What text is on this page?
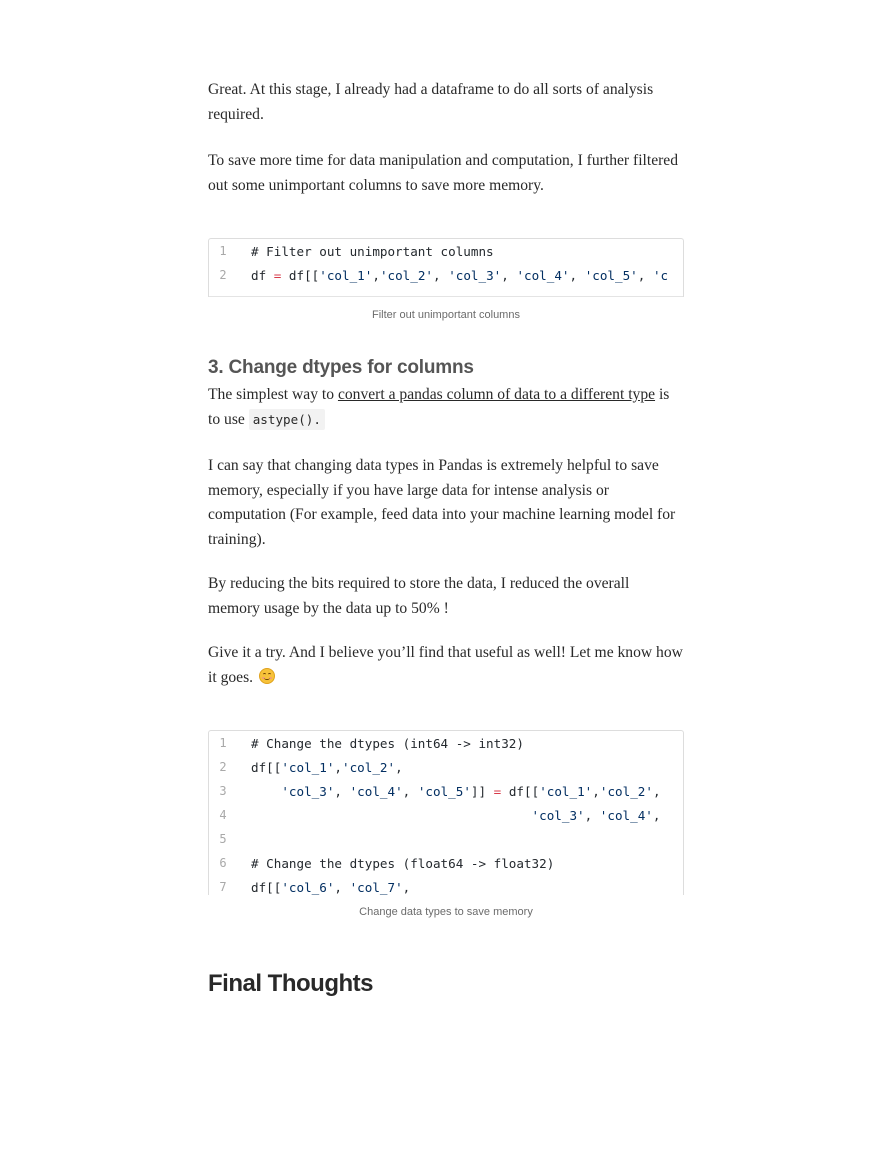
Great. At this stage, I already had a dataframe to do all sorts of analysis required.

To save more time for data manipulation and computation, I further filtered out some unimportant columns to save more memory.

1	# Filter out unimportant columns
2	df = df[['col_1','col_2', 'col_3', 'col_4', 'col_5', 'c

Filter out unimportant columns

3. Change dtypes for columns

The simplest way to convert a pandas column of data to a different type is to use astype().

I can say that changing data types in Pandas is extremely helpful to save memory, especially if you have large data for intense analysis or computation (For example, feed data into your machine learning model for training).

By reducing the bits required to store the data, I reduced the overall memory usage by the data up to 50% !

Give it a try. And I believe you’ll find that useful as well! Let me know how it goes.

1	# Change the dtypes (int64 -> int32)
2	df[['col_1','col_2',
3	'col_3', 'col_4', 'col_5']] = df[['col_1','col_2',
4	'col_3', 'col_4',
5
6	# Change the dtypes (float64 -> float32)
7	df[['col_6', 'col_7',

Change data types to save memory

Final Thoughts
